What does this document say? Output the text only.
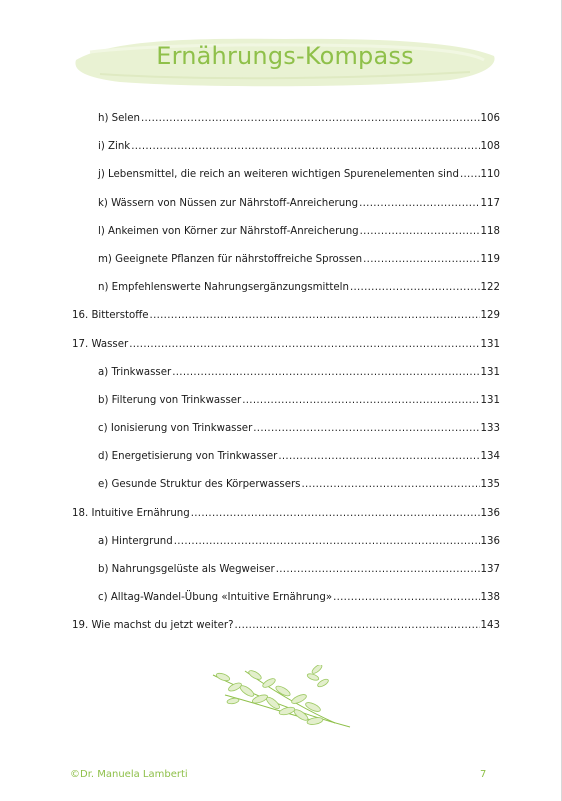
Ernährungs-Kompass
h) Selen .....	106
i) Zink .....	108
j) Lebensmittel, die reich an weiteren wichtigen Spurenelementen sind ..... 110
k) Wässern von Nüssen zur Nährstoff-Anreicherung .....	117
l) Ankeimen von Körner zur Nährstoff-Anreicherung .....	118
m) Geeignete Pflanzen für nährstoffreiche Sprossen .....	119
n) Empfehlenswerte Nahrungsergänzungsmitteln .....	122
16. Bitterstoffe .....	129
17. Wasser .....	131
a) Trinkwasser .....	131
b) Filterung von Trinkwasser .....	131
c) Ionisierung von Trinkwasser .....	133
d) Energetisierung von Trinkwasser .....	134
e) Gesunde Struktur des Körperwassers .....	135
18. Intuitive Ernährung .....	136
a) Hintergrund .....	136
b) Nahrungsgelüste als Wegweiser .....	137
c) Alltag-Wandel-Übung «Intuitive Ernährung» .....	138
19. Wie machst du jetzt weiter? .....	143
©Dr. Manuela Lamberti	7
